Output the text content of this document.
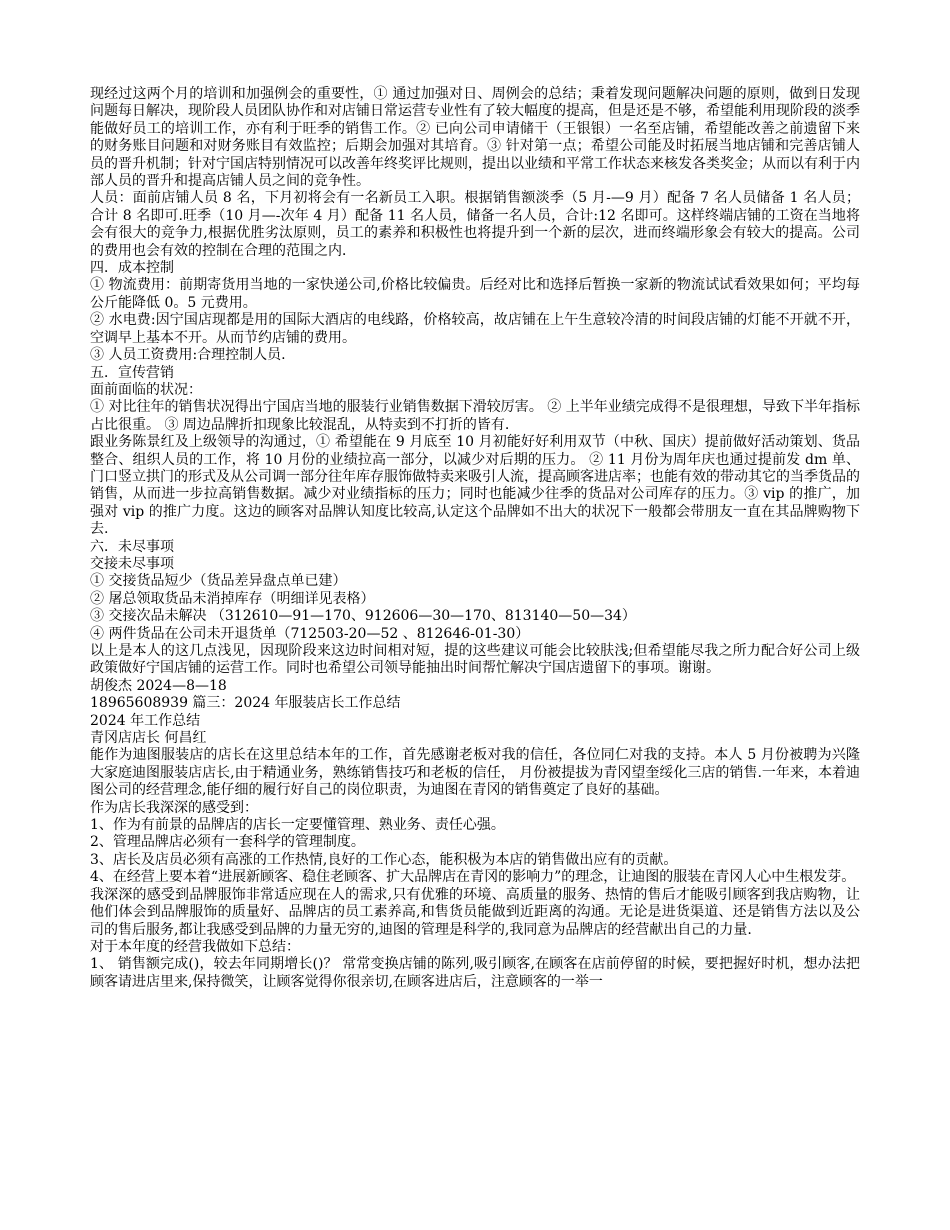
现经过这两个月的培训和加强例会的重要性，① 通过加强对日、周例会的总结；秉着发现问题解决问题的原则，做到日发现问题每日解决，现阶段人员团队协作和对店铺日常运营专业性有了较大幅度的提高，但是还是不够，希望能利用现阶段的淡季能做好员工的培训工作，亦有利于旺季的销售工作。② 已向公司申请储干（王银银）一名至店铺，希望能改善之前遗留下来的财务账目问题和对财务账目有效监控；后期会加强对其培育。③ 针对第一点；希望公司能及时拓展当地店铺和完善店铺人员的晋升机制；针对宁国店特别情况可以改善年终奖评比规则，提出以业绩和平常工作状态来核发各类奖金；从而以有利于内部人员的晋升和提高店铺人员之间的竞争性。

人员：面前店铺人员 8 名，下月初将会有一名新员工入职。根据销售额淡季（5 月-—9 月）配备 7 名人员储备 1 名人员；合计 8 名即可.旺季（10 月—-次年 4 月）配备 11 名人员，储备一名人员，合计:12 名即可。这样终端店铺的工资在当地将会有很大的竞争力,根据优胜劣汰原则，员工的素养和积极性也将提升到一个新的层次，进而终端形象会有较大的提高。公司的费用也会有效的控制在合理的范围之内．

四．成本控制

① 物流费用：前期寄货用当地的一家快递公司,价格比较偏贵。后经对比和选择后暂换一家新的物流试试看效果如何；平均每公斤能降低 0。5 元费用。

② 水电费:因宁国店现都是用的国际大酒店的电线路，价格较高，故店铺在上午生意较冷清的时间段店铺的灯能不开就不开，空调早上基本不开。从而节约店铺的费用。

③ 人员工资费用:合理控制人员.

五．宣传营销

面前面临的状况：

① 对比往年的销售状况得出宁国店当地的服装行业销售数据下滑较厉害。 ② 上半年业绩完成得不是很理想，导致下半年指标占比很重。 ③ 周边品牌折扣现象比较混乱，从特卖到不打折的皆有.

跟业务陈景红及上级领导的沟通过，① 希望能在 9 月底至 10 月初能好好利用双节（中秋、国庆）提前做好活动策划、货品整合、组织人员的工作，将 10 月份的业绩拉高一部分，以减少对后期的压力。 ② 11 月份为周年庆也通过提前发 dm 单、门口竖立拱门的形式及从公司调一部分往年库存服饰做特卖来吸引人流，提高顾客进店率；也能有效的带动其它的当季货品的销售，从而进一步拉高销售数据。减少对业绩指标的压力；同时也能减少往季的货品对公司库存的压力。③ vip 的推广，加强对 vip 的推广力度。这边的顾客对品牌认知度比较高,认定这个品牌如不出大的状况下一般都会带朋友一直在其品牌购物下去.

六．未尽事项

交接未尽事项

① 交接货品短少（货品差异盘点单已建）

② 屠总领取货品未消掉库存（明细详见表格）

③ 交接次品未解决 （312610—91—170、912606—30—170、813140—50—34）

④ 两件货品在公司未开退货单（712503-20—52 、812646-01-30）

以上是本人的这几点浅见，因现阶段来这边时间相对短，提的这些建议可能会比较肤浅;但希望能尽我之所力配合好公司上级政策做好宁国店铺的运营工作。同时也希望公司领导能抽出时间帮忙解决宁国店遗留下的事项。谢谢。

胡俊杰 2024—8—18

18965608939 篇三：2024 年服装店长工作总结

2024 年工作总结

青冈店店长 何昌红

能作为迪图服装店的店长在这里总结本年的工作，首先感谢老板对我的信任，各位同仁对我的支持。本人 5 月份被聘为兴隆大家庭迪图服装店店长,由于精通业务，熟练销售技巧和老板的信任， 月份被提拔为青冈望奎绥化三店的销售.一年来，本着迪图公司的经营理念,能仔细的履行好自己的岗位职责，为迪图在青冈的销售奠定了良好的基础。

作为店长我深深的感受到：

1、作为有前景的品牌店的店长一定要懂管理、熟业务、责任心强。

2、管理品牌店必须有一套科学的管理制度。

3、店长及店员必须有高涨的工作热情,良好的工作心态，能积极为本店的销售做出应有的贡献。

4、在经营上要本着“进展新顾客、稳住老顾客、扩大品牌店在青冈的影响力”的理念，让迪图的服装在青冈人心中生根发芽。

我深深的感受到品牌服饰非常适应现在人的需求,只有优雅的环境、高质量的服务、热情的售后才能吸引顾客到我店购物，让他们体会到品牌服饰的质量好、品牌店的员工素养高,和售货员能做到近距离的沟通。无论是进货渠道、还是销售方法以及公司的售后服务,都让我感受到品牌的力量无穷的,迪图的管理是科学的,我同意为品牌店的经营献出自己的力量.

对于本年度的经营我做如下总结：

1、 销售额完成()，较去年同期增长()？ 常常变换店铺的陈列,吸引顾客,在顾客在店前停留的时候，要把握好时机，想办法把顾客请进店里来,保持微笑，让顾客觉得你很亲切,在顾客进店后，注意顾客的一举一
